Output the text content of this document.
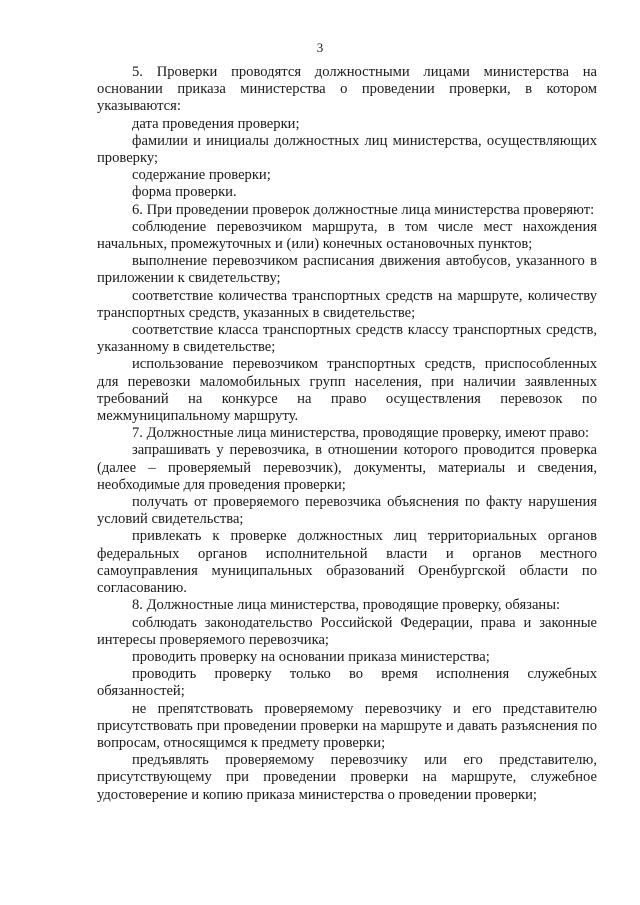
3

5. Проверки проводятся должностными лицами министерства на основании приказа министерства о проведении проверки, в котором указываются:

дата проведения проверки;

фамилии и инициалы должностных лиц министерства, осуществляющих проверку;

содержание проверки;

форма проверки.

6. При проведении проверок должностные лица министерства проверяют:

соблюдение перевозчиком маршрута, в том числе мест нахождения начальных, промежуточных и (или) конечных остановочных пунктов;

выполнение перевозчиком расписания движения автобусов, указанного в приложении к свидетельству;

соответствие количества транспортных средств на маршруте, количеству транспортных средств, указанных в свидетельстве;

соответствие класса транспортных средств классу транспортных средств, указанному в свидетельстве;

использование перевозчиком транспортных средств, приспособленных для перевозки маломобильных групп населения, при наличии заявленных требований на конкурсе на право осуществления перевозок по межмуниципальному маршруту.

7. Должностные лица министерства, проводящие проверку, имеют право:

запрашивать у перевозчика, в отношении которого проводится проверка (далее – проверяемый перевозчик), документы, материалы и сведения, необходимые для проведения проверки;

получать от проверяемого перевозчика объяснения по факту нарушения условий свидетельства;

привлекать к проверке должностных лиц территориальных органов федеральных органов исполнительной власти и органов местного самоуправления муниципальных образований Оренбургской области по согласованию.

8. Должностные лица министерства, проводящие проверку, обязаны:

соблюдать законодательство Российской Федерации, права и законные интересы проверяемого перевозчика;

проводить проверку на основании приказа министерства;

проводить проверку только во время исполнения служебных обязанностей;

не препятствовать проверяемому перевозчику и его представителю присутствовать при проведении проверки на маршруте и давать разъяснения по вопросам, относящимся к предмету проверки;

предъявлять проверяемому перевозчику или его представителю, присутствующему при проведении проверки на маршруте, служебное удостоверение и копию приказа министерства о проведении проверки;
